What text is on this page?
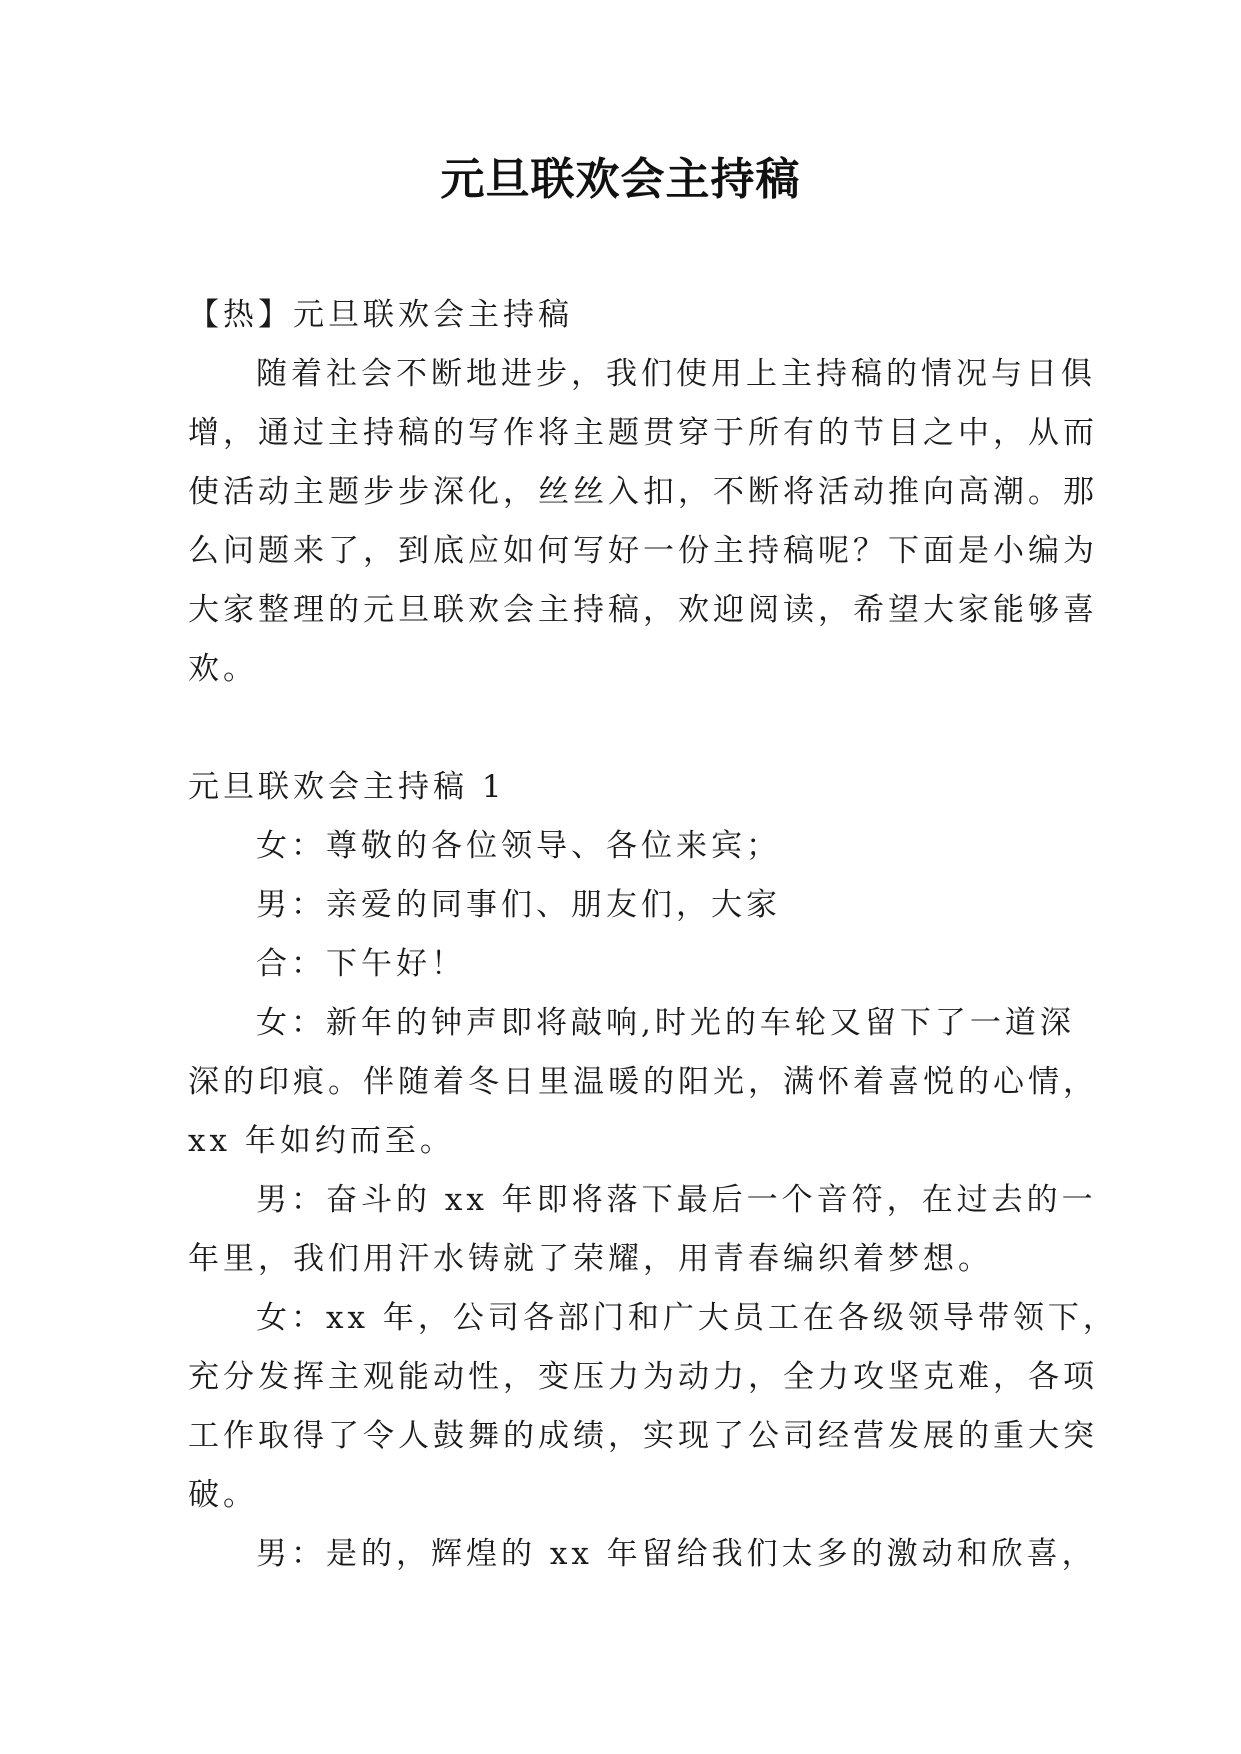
元旦联欢会主持稿
【热】元旦联欢会主持稿
随着社会不断地进步，我们使用上主持稿的情况与日俱
增，通过主持稿的写作将主题贯穿于所有的节目之中，从而
使活动主题步步深化，丝丝入扣，不断将活动推向高潮。那
么问题来了，到底应如何写好一份主持稿呢？下面是小编为
大家整理的元旦联欢会主持稿，欢迎阅读，希望大家能够喜
欢。
元旦联欢会主持稿 1
女：尊敬的各位领导、各位来宾；
男：亲爱的同事们、朋友们，大家
合：下午好！
女：新年的钟声即将敲响,时光的车轮又留下了一道深
深的印痕。伴随着冬日里温暖的阳光，满怀着喜悦的心情，
xx 年如约而至。
男：奋斗的 xx 年即将落下最后一个音符，在过去的一
年里，我们用汗水铸就了荣耀，用青春编织着梦想。
女：xx 年，公司各部门和广大员工在各级领导带领下，
充分发挥主观能动性，变压力为动力，全力攻坚克难，各项
工作取得了令人鼓舞的成绩，实现了公司经营发展的重大突
破。
男：是的，辉煌的 xx 年留给我们太多的激动和欣喜，
